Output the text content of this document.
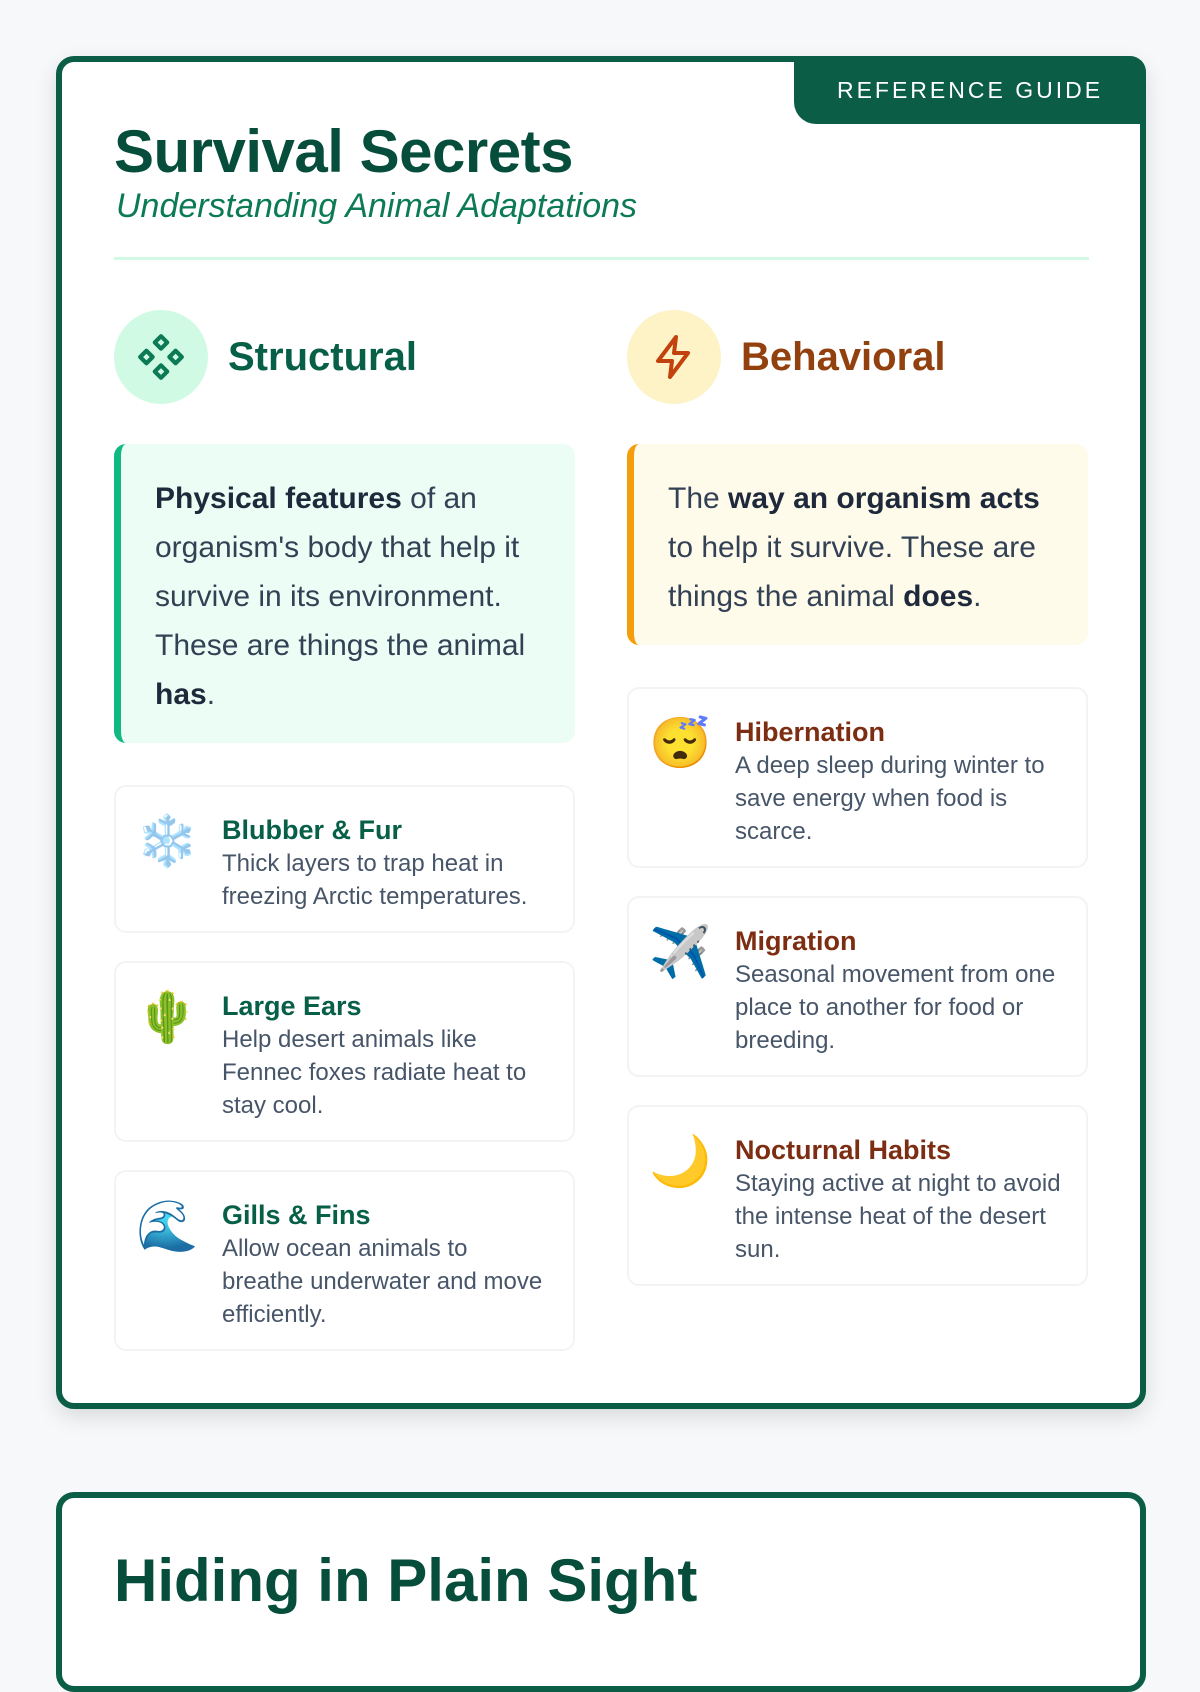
REFERENCE GUIDE
Survival Secrets
Understanding Animal Adaptations
Structural
Physical features of an organism's body that help it survive in its environment. These are things the animal has.
❄️ Blubber & Fur

Thick layers to trap heat in freezing Arctic temperatures.

🌵 Large Ears

Help desert animals like Fennec foxes radiate heat to stay cool.

🌊 Gills & Fins

Allow ocean animals to breathe underwater and move efficiently.

Behavioral
The way an organism acts to help it survive. These are things the animal does.
😴 Hibernation

A deep sleep during winter to save energy when food is scarce.

✈️ Migration

Seasonal movement from one place to another for food or breeding.

🌙 Nocturnal Habits

Staying active at night to avoid the intense heat of the desert sun.

Hiding in Plain Sight
